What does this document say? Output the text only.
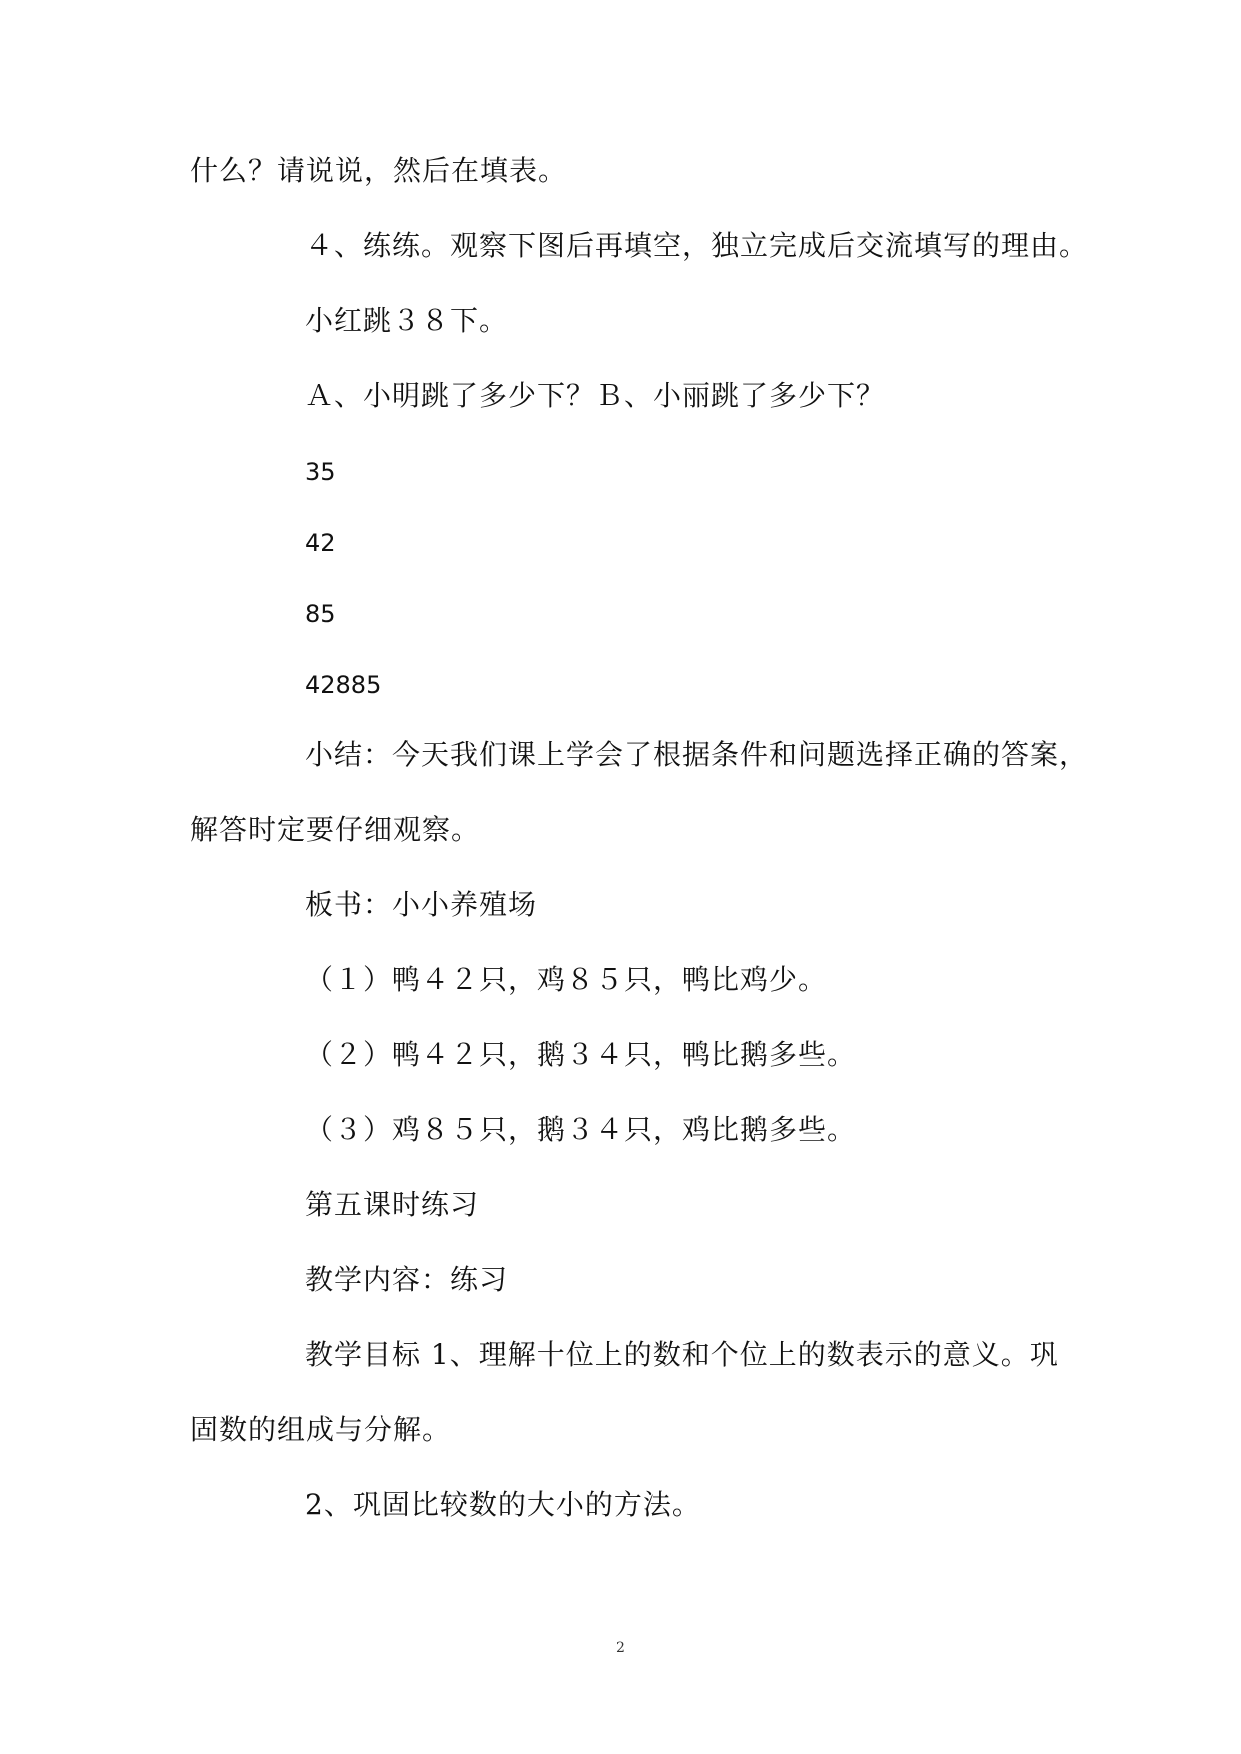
什么？请说说，然后在填表。
４、练练。观察下图后再填空，独立完成后交流填写的理由。
小红跳３８下。
Ａ、小明跳了多少下？Ｂ、小丽跳了多少下？
35
42
85
42885
小结：今天我们课上学会了根据条件和问题选择正确的答案，
解答时定要仔细观察。
板书：小小养殖场
（１）鸭４２只，鸡８５只，鸭比鸡少。
（２）鸭４２只，鹅３４只，鸭比鹅多些。
（３）鸡８５只，鹅３４只，鸡比鹅多些。
第五课时练习
教学内容：练习
教学目标 1、理解十位上的数和个位上的数表示的意义。巩
固数的组成与分解。
2、巩固比较数的大小的方法。
2
